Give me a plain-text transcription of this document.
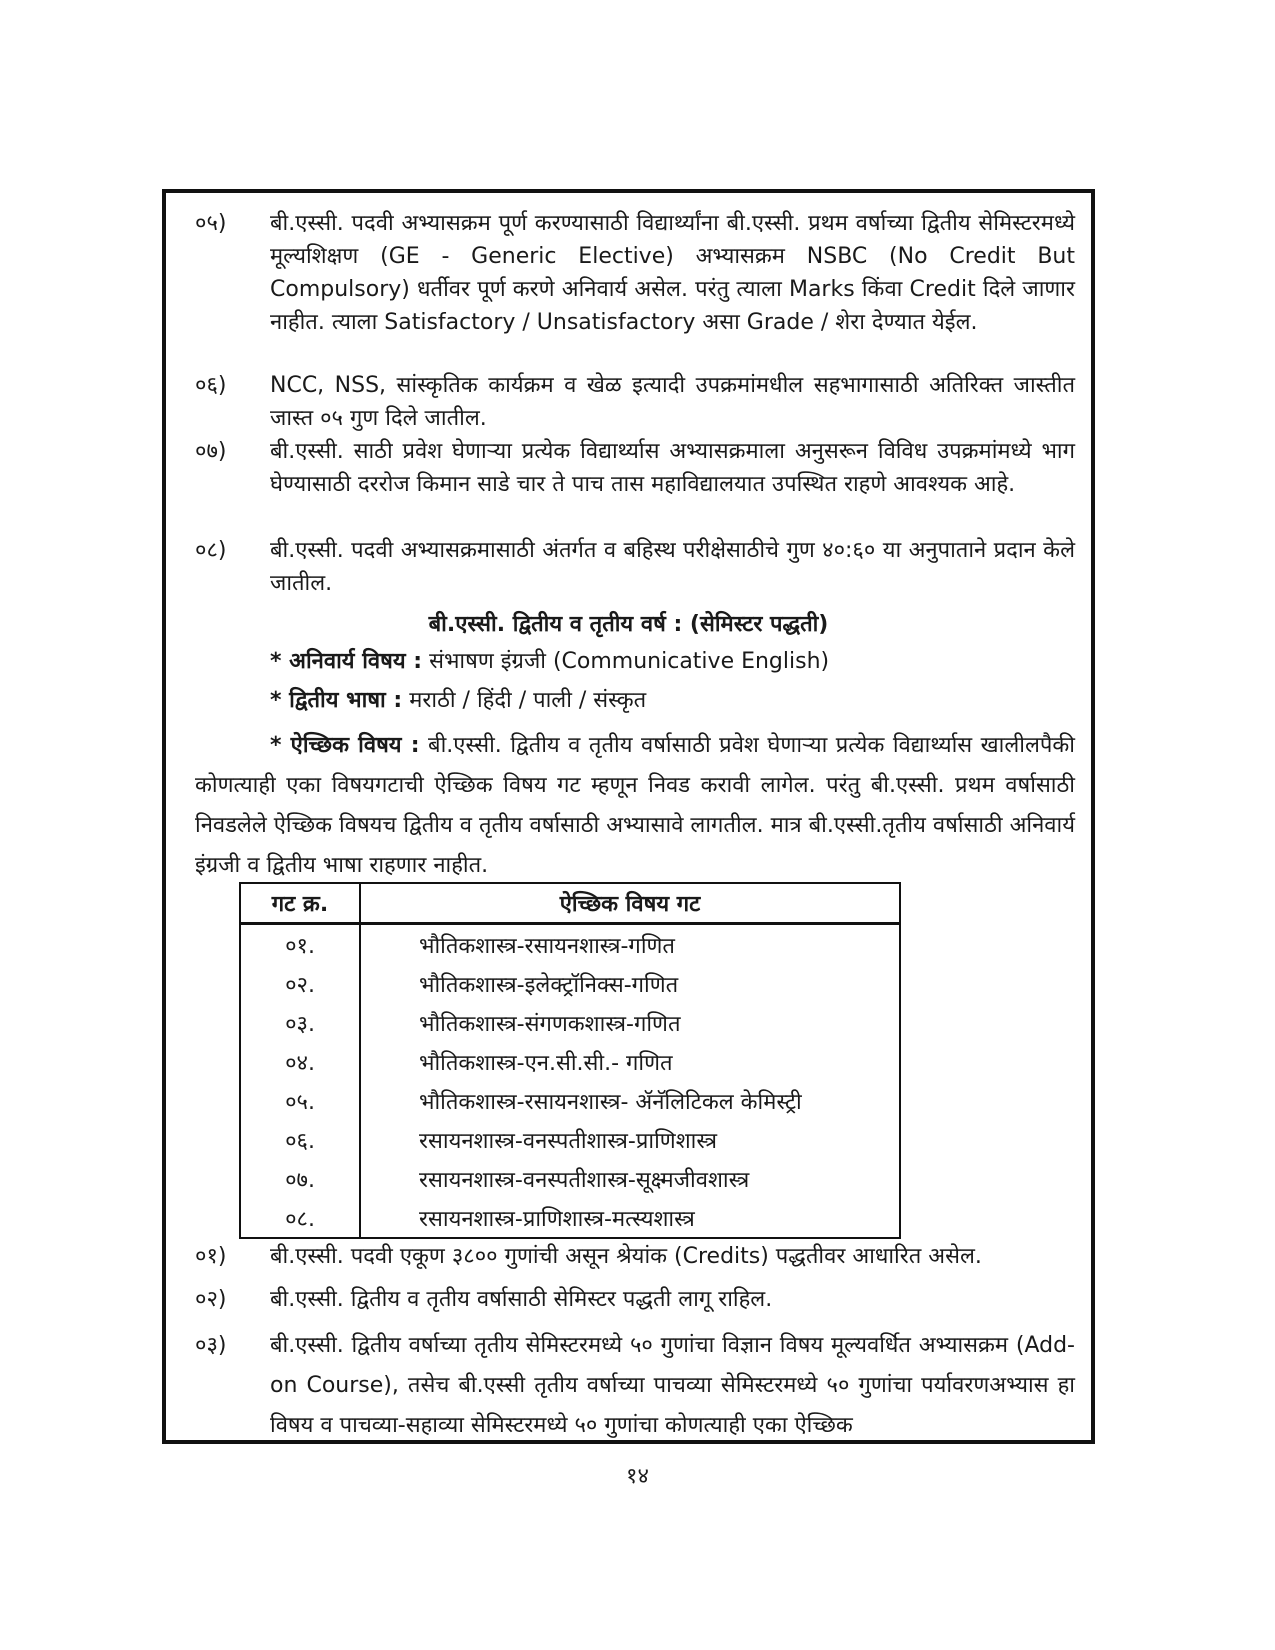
०५)	बी.एस्सी. पदवी अभ्यासक्रम पूर्ण करण्यासाठी विद्यार्थ्यांना बी.एस्सी. प्रथम वर्षाच्या द्वितीय सेमिस्टरमध्ये मूल्यशिक्षण (GE - Generic Elective) अभ्यासक्रम NSBC (No Credit But Compulsory) धर्तीवर पूर्ण करणे अनिवार्य असेल. परंतु त्याला Marks किंवा Credit दिले जाणार नाहीत. त्याला Satisfactory / Unsatisfactory असा Grade / शेरा देण्यात येईल.
०६)	NCC, NSS, सांस्कृतिक कार्यक्रम व खेळ इत्यादी उपक्रमांमधील सहभागासाठी अतिरिक्त जास्तीत जास्त ०५ गुण दिले जातील.
०७)	बी.एस्सी. साठी प्रवेश घेणाऱ्या प्रत्येक विद्यार्थ्यास अभ्यासक्रमाला अनुसरून विविध उपक्रमांमध्ये भाग घेण्यासाठी दररोज किमान साडे चार ते पाच तास महाविद्यालयात उपस्थित राहणे आवश्यक आहे.
०८)	बी.एस्सी. पदवी अभ्यासक्रमासाठी अंतर्गत व बहिस्थ परीक्षेसाठीचे गुण ४०:६० या अनुपाताने प्रदान केले जातील.
बी.एस्सी. द्वितीय व तृतीय वर्ष : (सेमिस्टर पद्धती)
* अनिवार्य विषय : संभाषण इंग्रजी (Communicative English)
* द्वितीय भाषा : मराठी / हिंदी / पाली / संस्कृत
* ऐच्छिक विषय : बी.एस्सी. द्वितीय व तृतीय वर्षासाठी प्रवेश घेणाऱ्या प्रत्येक विद्यार्थ्यास खालीलपैकी कोणत्याही एका विषयगटाची ऐच्छिक विषय गट म्हणून निवड करावी लागेल. परंतु बी.एस्सी. प्रथम वर्षासाठी निवडलेले ऐच्छिक विषयच द्वितीय व तृतीय वर्षासाठी अभ्यासावे लागतील. मात्र बी.एस्सी.तृतीय वर्षासाठी अनिवार्य इंग्रजी व द्वितीय भाषा राहणार नाहीत.
गट क्र.	ऐच्छिक विषय गट
०१.	भौतिकशास्त्र-रसायनशास्त्र-गणित
०२.	भौतिकशास्त्र-इलेक्ट्रॉनिक्स-गणित
०३.	भौतिकशास्त्र-संगणकशास्त्र-गणित
०४.	भौतिकशास्त्र-एन.सी.सी.- गणित
०५.	भौतिकशास्त्र-रसायनशास्त्र- ॲनॅलिटिकल केमिस्ट्री
०६.	रसायनशास्त्र-वनस्पतीशास्त्र-प्राणिशास्त्र
०७.	रसायनशास्त्र-वनस्पतीशास्त्र-सूक्ष्मजीवशास्त्र
०८.	रसायनशास्त्र-प्राणिशास्त्र-मत्स्यशास्त्र
०१)	बी.एस्सी. पदवी एकूण ३८०० गुणांची असून श्रेयांक (Credits) पद्धतीवर आधारित असेल.
०२)	बी.एस्सी. द्वितीय व तृतीय वर्षासाठी सेमिस्टर पद्धती लागू राहिल.
०३)	बी.एस्सी. द्वितीय वर्षाच्या तृतीय सेमिस्टरमध्ये ५० गुणांचा विज्ञान विषय मूल्यवर्धित अभ्यासक्रम (Add-on Course), तसेच बी.एस्सी तृतीय वर्षाच्या पाचव्या सेमिस्टरमध्ये ५० गुणांचा पर्यावरणअभ्यास हा विषय व पाचव्या-सहाव्या सेमिस्टरमध्ये ५० गुणांचा कोणत्याही एका ऐच्छिक
१४
